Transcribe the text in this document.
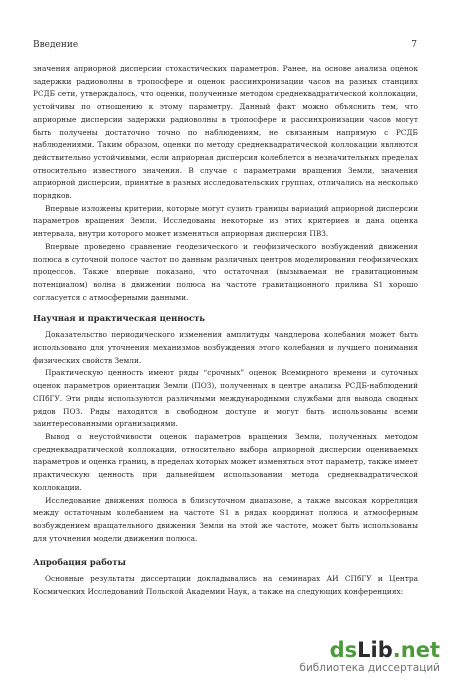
Введение	7

значения априорной дисперсии стохастических параметров. Ранее, на основе анализа оценок задержки радиоволны в тропосфере и оценок рассинхронизации часов на разных станциях РСДБ сети, утверждалось, что оценки, полученные методом среднеквадратической коллокации, устойчивы по отношению к этому параметру. Данный факт можно объяснить тем, что априорные дисперсии задержки радиоволны в тропосфере и рассинхронизации часов могут быть получены достаточно точно по наблюдениям, не связанным напрямую с РСДБ наблюдениями. Таким образом, оценки по методу среднеквадратической коллокации являются действительно устойчивыми, если априорная дисперсия колеблется в незначительных пределах относительно известного значения. В случае с параметрами вращения Земли, значения априорной дисперсии, принятые в разных исследовательских группах, отличались на несколько порядков.

Впервые изложены критерии, которые могут сузить границы вариаций априорной дисперсии параметров вращения Земли. Исследованы некоторые из этих критериев и дана оценка интервала, внутри которого может изменяться априорная дисперсия ПВЗ.

Впервые проведено сравнение геодезического и геофизического возбуждений движения полюса в суточной полосе частот по данным различных центров моделирования геофизических процессов. Также впервые показано, что остаточная (вызываемая не гравитационным потенциалом) волна в движении полюса на частоте гравитационного прилива S1 хорошо согласуется с атмосферными данными.

Научная и практическая ценность

Доказательство периодического изменения амплитуды чандлерова колебания может быть использовано для уточнения механизмов возбуждения этого колебания и лучшего понимания физических свойств Земли.

Практическую ценность имеют ряды “срочных” оценок Всемирного времени и суточных оценок параметров ориентации Земли (ПОЗ), полученных в центре анализа РСДБ-наблюдений СПбГУ. Эти ряды используются различными международными службами для вывода сводных рядов ПОЗ. Ряды находятся в свободном доступе и могут быть использованы всеми заинтересованными организациями.

Вывод о неустойчивости оценок параметров вращения Земли, полученных методом среднеквадратической коллокации, относительно выбора априорной дисперсии оцениваемых параметров и оценка границ, в пределах которых может изменяться этот параметр, также имеет практическую ценность при дальнейшем использовании метода среднеквадратической коллокации.

Исследование движения полюса в близсуточном диапазоне, а также высокая корреляция между остаточным колебанием на частоте S1 в рядах координат полюса и атмосферным возбуждением вращательного движения Земли на этой же частоте, может быть использованы для уточнения модели движения полюса.

Апробация работы

Основные результаты диссертации докладывались на семинарах АИ СПбГУ и Центра Космических Исследований Польской Академии Наук, а также на следующих конференциях:

dsLib.net
библиотека диссертаций
